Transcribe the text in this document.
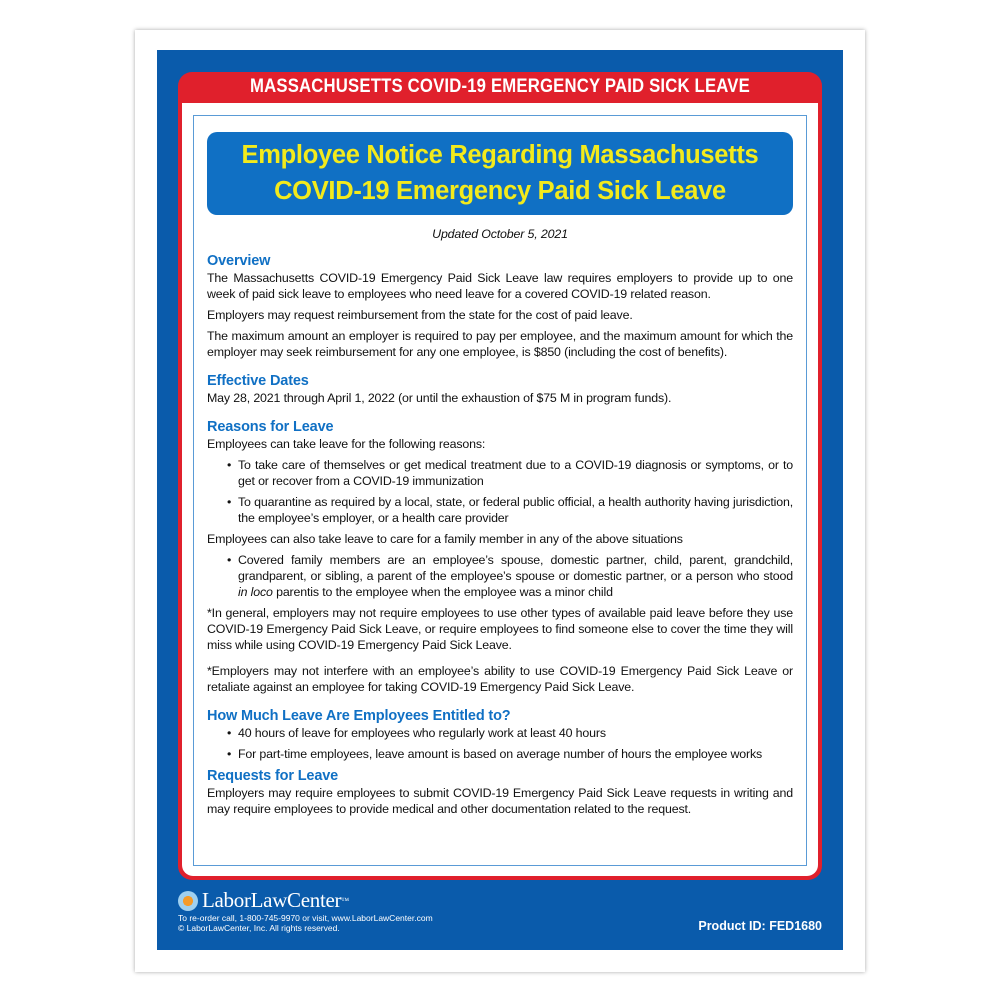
MASSACHUSETTS COVID-19 EMERGENCY PAID SICK LEAVE
Employee Notice Regarding Massachusetts
COVID-19 Emergency Paid Sick Leave
Updated October 5, 2021
Overview

The Massachusetts COVID-19 Emergency Paid Sick Leave law requires employers to provide up to one week of paid sick leave to employees who need leave for a covered COVID-19 related reason.

Employers may request reimbursement from the state for the cost of paid leave.

The maximum amount an employer is required to pay per employee, and the maximum amount for which the employer may seek reimbursement for any one employee, is $850 (including the cost of benefits).

Effective Dates

May 28, 2021 through April 1, 2022 (or until the exhaustion of $75 M in program funds).

Reasons for Leave

Employees can take leave for the following reasons:

• To take care of themselves or get medical treatment due to a COVID-19 diagnosis or symptoms, or to get or recover from a COVID-19 immunization
• To quarantine as required by a local, state, or federal public official, a health authority having jurisdiction, the employee’s employer, or a health care provider

Employees can also take leave to care for a family member in any of the above situations

• Covered family members are an employee’s spouse, domestic partner, child, parent, grandchild, grandparent, or sibling, a parent of the employee’s spouse or domestic partner, or a person who stood in loco parentis to the employee when the employee was a minor child

*In general, employers may not require employees to use other types of available paid leave before they use COVID-19 Emergency Paid Sick Leave, or require employees to find someone else to cover the time they will miss while using COVID-19 Emergency Paid Sick Leave.

*Employers may not interfere with an employee’s ability to use COVID-19 Emergency Paid Sick Leave or retaliate against an employee for taking COVID-19 Emergency Paid Sick Leave.

How Much Leave Are Employees Entitled to?
• 40 hours of leave for employees who regularly work at least 40 hours
• For part-time employees, leave amount is based on average number of hours the employee works
Requests for Leave

Employers may require employees to submit COVID-19 Emergency Paid Sick Leave requests in writing and may require employees to provide medical and other documentation related to the request.

LaborLawCenter ™
To re-order call, 1-800-745-9970 or visit, www.LaborLawCenter.com
© LaborLawCenter, Inc. All rights reserved.	Product ID: FED1680
